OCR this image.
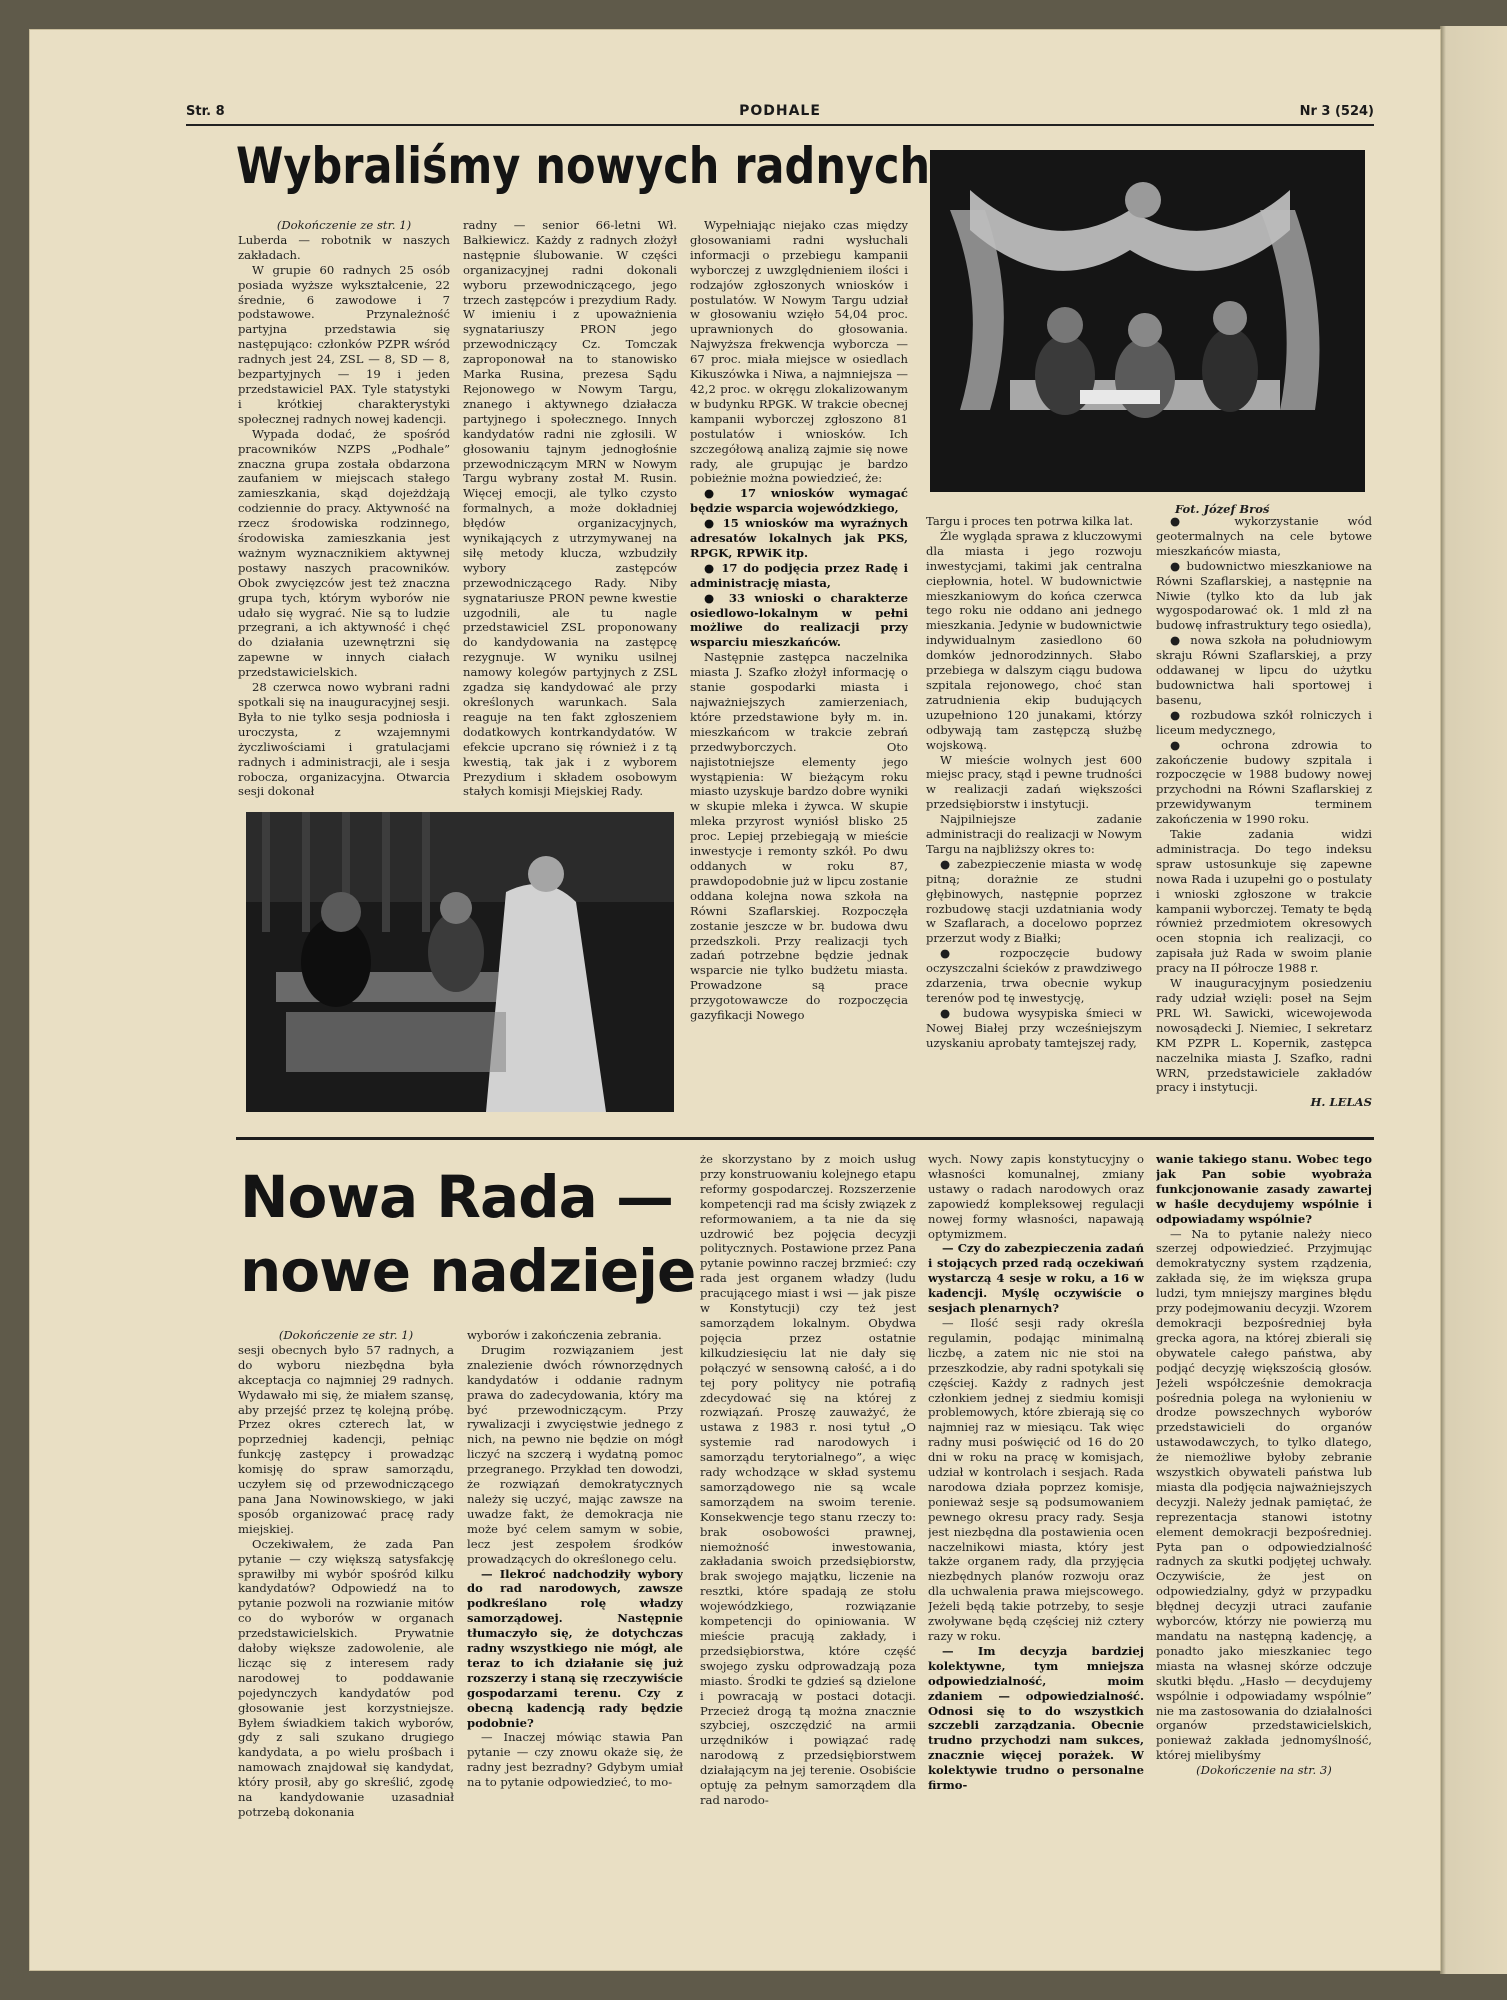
Str. 8	PODHALE	Nr 3 (524)
Wybraliśmy nowych radnych

(Dokończenie ze str. 1)

Luberda — robotnik w naszych zakładach.

W grupie 60 radnych 25 osób posiada wyższe wykształcenie, 22 średnie, 6 zawodowe i 7 podstawowe. Przynależność partyjna przedstawia się następująco: członków PZPR wśród radnych jest 24, ZSL — 8, SD — 8, bezpartyjnych — 19 i jeden przedstawiciel PAX. Tyle statystyki i krótkiej charakterystyki społecznej radnych nowej kadencji.

Wypada dodać, że spośród pracowników NZPS „Podhale” znaczna grupa została obdarzona zaufaniem w miejscach stałego zamieszkania, skąd dojeżdżają codziennie do pracy. Aktywność na rzecz środowiska rodzinnego, środowiska zamieszkania jest ważnym wyznacznikiem aktywnej postawy naszych pracowników. Obok zwycięzców jest też znaczna grupa tych, którym wyborów nie udało się wygrać. Nie są to ludzie przegrani, a ich aktywność i chęć do działania uzewnętrzni się zapewne w innych ciałach przedstawicielskich.

28 czerwca nowo wybrani radni spotkali się na inauguracyjnej sesji. Była to nie tylko sesja podniosła i uroczysta, z wzajemnymi życzliwościami i gratulacjami radnych i administracji, ale i sesja robocza, organizacyjna. Otwarcia sesji dokonał

radny — senior 66-letni Wł. Bałkiewicz. Każdy z radnych złożył następnie ślubowanie. W części organizacyjnej radni dokonali wyboru przewodniczącego, jego trzech zastępców i prezydium Rady. W imieniu i z upoważnienia sygnatariuszy PRON jego przewodniczący Cz. Tomczak zaproponował na to stanowisko Marka Rusina, prezesa Sądu Rejonowego w Nowym Targu, znanego i aktywnego działacza partyjnego i społecznego. Innych kandydatów radni nie zgłosili. W głosowaniu tajnym jednogłośnie przewodniczącym MRN w Nowym Targu wybrany został M. Rusin. Więcej emocji, ale tylko czysto formalnych, a może dokładniej błędów organizacyjnych, wynikających z utrzymywanej na siłę metody klucza, wzbudziły wybory zastępców przewodniczącego Rady. Niby sygnatariusze PRON pewne kwestie uzgodnili, ale tu nagle przedstawiciel ZSL proponowany do kandydowania na zastępcę rezygnuje. W wyniku usilnej namowy kolegów partyjnych z ZSL zgadza się kandydować ale przy określonych warunkach. Sala reaguje na ten fakt zgłoszeniem dodatkowych kontrkandydatów. W efekcie upcrano się również i z tą kwestią, tak jak i z wyborem Prezydium i składem osobowym stałych komisji Miejskiej Rady.

Wypełniając niejako czas między głosowaniami radni wysłuchali informacji o przebiegu kampanii wyborczej z uwzględnieniem ilości i rodzajów zgłoszonych wniosków i postulatów. W Nowym Targu udział w głosowaniu wzięło 54,04 proc. uprawnionych do głosowania. Najwyższa frekwencja wyborcza — 67 proc. miała miejsce w osiedlach Kikuszówka i Niwa, a najmniejsza — 42,2 proc. w okręgu zlokalizowanym w budynku RPGK. W trakcie obecnej kampanii wyborczej zgłoszono 81 postulatów i wniosków. Ich szczegółową analizą zajmie się nowe rady, ale grupując je bardzo pobieżnie można powiedzieć, że:

● 17 wniosków wymagać będzie wsparcia wojewódzkiego,

● 15 wniosków ma wyraźnych adresatów lokalnych jak PKS, RPGK, RPWiK itp.

● 17 do podjęcia przez Radę i administrację miasta,

● 33 wnioski o charakterze osiedlowo-lokalnym w pełni możliwe do realizacji przy wsparciu mieszkańców.

Następnie zastępca naczelnika miasta J. Szafko złożył informację o stanie gospodarki miasta i najważniejszych zamierzeniach, które przedstawione były m. in. mieszkańcom w trakcie zebrań przedwyborczych. Oto najistotniejsze elementy jego wystąpienia: W bieżącym roku miasto uzyskuje bardzo dobre wyniki w skupie mleka i żywca. W skupie mleka przyrost wyniósł blisko 25 proc. Lepiej przebiegają w mieście inwestycje i remonty szkół. Po dwu oddanych w roku 87, prawdopodobnie już w lipcu zostanie oddana kolejna nowa szkoła na Równi Szaflarskiej. Rozpoczęła zostanie jeszcze w br. budowa dwu przedszkoli. Przy realizacji tych zadań potrzebne będzie jednak wsparcie nie tylko budżetu miasta. Prowadzone są prace przygotowawcze do rozpoczęcia gazyfikacji Nowego

Fot. Józef Broś

Targu i proces ten potrwa kilka lat.

Źle wygląda sprawa z kluczowymi dla miasta i jego rozwoju inwestycjami, takimi jak centralna ciepłownia, hotel. W budownictwie mieszkaniowym do końca czerwca tego roku nie oddano ani jednego mieszkania. Jedynie w budownictwie indywidualnym zasiedlono 60 domków jednorodzinnych. Słabo przebiega w dalszym ciągu budowa szpitala rejonowego, choć stan zatrudnienia ekip budujących uzupełniono 120 junakami, którzy odbywają tam zastępczą służbę wojskową.

W mieście wolnych jest 600 miejsc pracy, stąd i pewne trudności w realizacji zadań większości przedsiębiorstw i instytucji.

Najpilniejsze zadanie administracji do realizacji w Nowym Targu na najbliższy okres to:

● zabezpieczenie miasta w wodę pitną; dorażnie ze studni głębinowych, następnie poprzez rozbudowę stacji uzdatniania wody w Szaflarach, a docelowo poprzez przerzut wody z Białki;

● rozpoczęcie budowy oczyszczalni ścieków z prawdziwego zdarzenia, trwa obecnie wykup terenów pod tę inwestycję,

● budowa wysypiska śmieci w Nowej Białej przy wcześniejszym uzyskaniu aprobaty tamtejszej rady,

● wykorzystanie wód geotermalnych na cele bytowe mieszkańców miasta,

● budownictwo mieszkaniowe na Równi Szaflarskiej, a następnie na Niwie (tylko kto da lub jak wygospodarować ok. 1 mld zł na budowę infrastruktury tego osiedla),

● nowa szkoła na południowym skraju Równi Szaflarskiej, a przy oddawanej w lipcu do użytku budownictwa hali sportowej i basenu,

● rozbudowa szkół rolniczych i liceum medycznego,

● ochrona zdrowia to zakończenie budowy szpitala i rozpoczęcie w 1988 budowy nowej przychodni na Równi Szaflarskiej z przewidywanym terminem zakończenia w 1990 roku.

Takie zadania widzi administracja. Do tego indeksu spraw ustosunkuje się zapewne nowa Rada i uzupełni go o postulaty i wnioski zgłoszone w trakcie kampanii wyborczej. Tematy te będą również przedmiotem okresowych ocen stopnia ich realizacji, co zapisała już Rada w swoim planie pracy na II półrocze 1988 r.

W inauguracyjnym posiedzeniu rady udział wzięli: poseł na Sejm PRL Wł. Sawicki, wicewojewoda nowosądecki J. Niemiec, I sekretarz KM PZPR L. Kopernik, zastępca naczelnika miasta J. Szafko, radni WRN, przedstawiciele zakładów pracy i instytucji.

H. LELAS

Nowa Rada —
nowe nadzieje

(Dokończenie ze str. 1)

sesji obecnych było 57 radnych, a do wyboru niezbędna była akceptacja co najmniej 29 radnych. Wydawało mi się, że miałem szansę, aby przejść przez tę kolejną próbę. Przez okres czterech lat, w poprzedniej kadencji, pełniąc funkcję zastępcy i prowadząc komisję do spraw samorządu, uczyłem się od przewodniczącego pana Jana Nowinowskiego, w jaki sposób organizować pracę rady miejskiej.

Oczekiwałem, że zada Pan pytanie — czy większą satysfakcję sprawiłby mi wybór spośród kilku kandydatów? Odpowiedź na to pytanie pozwoli na rozwianie mitów co do wyborów w organach przedstawicielskich. Prywatnie dałoby większe zadowolenie, ale licząc się z interesem rady narodowej to poddawanie pojedynczych kandydatów pod głosowanie jest korzystniejsze. Byłem świadkiem takich wyborów, gdy z sali szukano drugiego kandydata, a po wielu prośbach i namowach znajdował się kandydat, który prosił, aby go skreślić, zgodę na kandydowanie uzasadniał potrzebą dokonania

wyborów i zakończenia zebrania.

Drugim rozwiązaniem jest znalezienie dwóch równorzędnych kandydatów i oddanie radnym prawa do zadecydowania, który ma być przewodniczącym. Przy rywalizacji i zwycięstwie jednego z nich, na pewno nie będzie on mógł liczyć na szczerą i wydatną pomoc przegranego. Przykład ten dowodzi, że rozwiązań demokratycznych należy się uczyć, mając zawsze na uwadze fakt, że demokracja nie może być celem samym w sobie, lecz jest zespołem środków prowadzących do określonego celu.

— Ilekroć nadchodziły wybory do rad narodowych, zawsze podkreślano rolę władzy samorządowej. Następnie tłumaczyło się, że dotychczas radny wszystkiego nie mógł, ale teraz to ich działanie się już rozszerzy i staną się rzeczywiście gospodarzami terenu. Czy z obecną kadencją rady będzie podobnie?

— Inaczej mówiąc stawia Pan pytanie — czy znowu okaże się, że radny jest bezradny? Gdybym umiał na to pytanie odpowiedzieć, to mo-

że skorzystano by z moich usług przy konstruowaniu kolejnego etapu reformy gospodarczej. Rozszerzenie kompetencji rad ma ścisły związek z reformowaniem, a ta nie da się uzdrowić bez pojęcia decyzji politycznych. Postawione przez Pana pytanie powinno raczej brzmieć: czy rada jest organem władzy (ludu pracującego miast i wsi — jak pisze w Konstytucji) czy też jest samorządem lokalnym. Obydwa pojęcia przez ostatnie kilkudziesięciu lat nie dały się połączyć w sensowną całość, a i do tej pory politycy nie potrafią zdecydować się na której z rozwiązań. Proszę zauważyć, że ustawa z 1983 r. nosi tytuł „O systemie rad narodowych i samorządu terytorialnego”, a więc rady wchodzące w skład systemu samorządowego nie są wcale samorządem na swoim terenie. Konsekwencje tego stanu rzeczy to: brak osobowości prawnej, niemożność inwestowania, zakładania swoich przedsiębiorstw, brak swojego majątku, liczenie na resztki, które spadają ze stołu wojewódzkiego, rozwiązanie kompetencji do opiniowania. W mieście pracują zakłady, i przedsiębiorstwa, które część swojego zysku odprowadzają poza miasto. Środki te gdzieś są dzielone i powracają w postaci dotacji. Przecież drogą tą można znacznie szybciej, oszczędzić na armii urzędników i powiązać radę narodową z przedsiębiorstwem działającym na jej terenie. Osobiście optuję za pełnym samorządem dla rad narodo-

wych. Nowy zapis konstytucyjny o własności komunalnej, zmiany ustawy o radach narodowych oraz zapowiedź kompleksowej regulacji nowej formy własności, napawają optymizmem.

— Czy do zabezpieczenia zadań i stojących przed radą oczekiwań wystarczą 4 sesje w roku, a 16 w kadencji. Myślę oczywiście o sesjach plenarnych?

— Ilość sesji rady określa regulamin, podając minimalną liczbę, a zatem nic nie stoi na przeszkodzie, aby radni spotykali się częściej. Każdy z radnych jest członkiem jednej z siedmiu komisji problemowych, które zbierają się co najmniej raz w miesiącu. Tak więc radny musi poświęcić od 16 do 20 dni w roku na pracę w komisjach, udział w kontrolach i sesjach. Rada narodowa działa poprzez komisje, ponieważ sesje są podsumowaniem pewnego okresu pracy rady. Sesja jest niezbędna dla postawienia ocen naczelnikowi miasta, który jest także organem rady, dla przyjęcia niezbędnych planów rozwoju oraz dla uchwalenia prawa miejscowego. Jeżeli będą takie potrzeby, to sesje zwoływane będą częściej niż cztery razy w roku.

— Im decyzja bardziej kolektywne, tym mniejsza odpowiedzialność, moim zdaniem — odpowiedzialność. Odnosi się to do wszystkich szczebli zarządzania. Obecnie trudno przychodzi nam sukces, znacznie więcej porażek. W kolektywie trudno o personalne firmo-

wanie takiego stanu. Wobec tego jak Pan sobie wyobraża funkcjonowanie zasady zawartej w haśle decydujemy wspólnie i odpowiadamy wspólnie?

— Na to pytanie należy nieco szerzej odpowiedzieć. Przyjmując demokratyczny system rządzenia, zakłada się, że im większa grupa ludzi, tym mniejszy margines błędu przy podejmowaniu decyzji. Wzorem demokracji bezpośredniej była grecka agora, na której zbierali się obywatele całego państwa, aby podjąć decyzję większością głosów. Jeżeli współcześnie demokracja pośrednia polega na wyłonieniu w drodze powszechnych wyborów przedstawicieli do organów ustawodawczych, to tylko dlatego, że niemożliwe byłoby zebranie wszystkich obywateli państwa lub miasta dla podjęcia najważniejszych decyzji. Należy jednak pamiętać, że reprezentacja stanowi istotny element demokracji bezpośredniej. Pyta pan o odpowiedzialność radnych za skutki podjętej uchwały. Oczywiście, że jest on odpowiedzialny, gdyż w przypadku błędnej decyzji utraci zaufanie wyborców, którzy nie powierzą mu mandatu na następną kadencję, a ponadto jako mieszkaniec tego miasta na własnej skórze odczuje skutki błędu. „Hasło — decydujemy wspólnie i odpowiadamy wspólnie” nie ma zastosowania do działalności organów przedstawicielskich, ponieważ zakłada jednomyślność, której mielibyśmy

(Dokończenie na str. 3)
